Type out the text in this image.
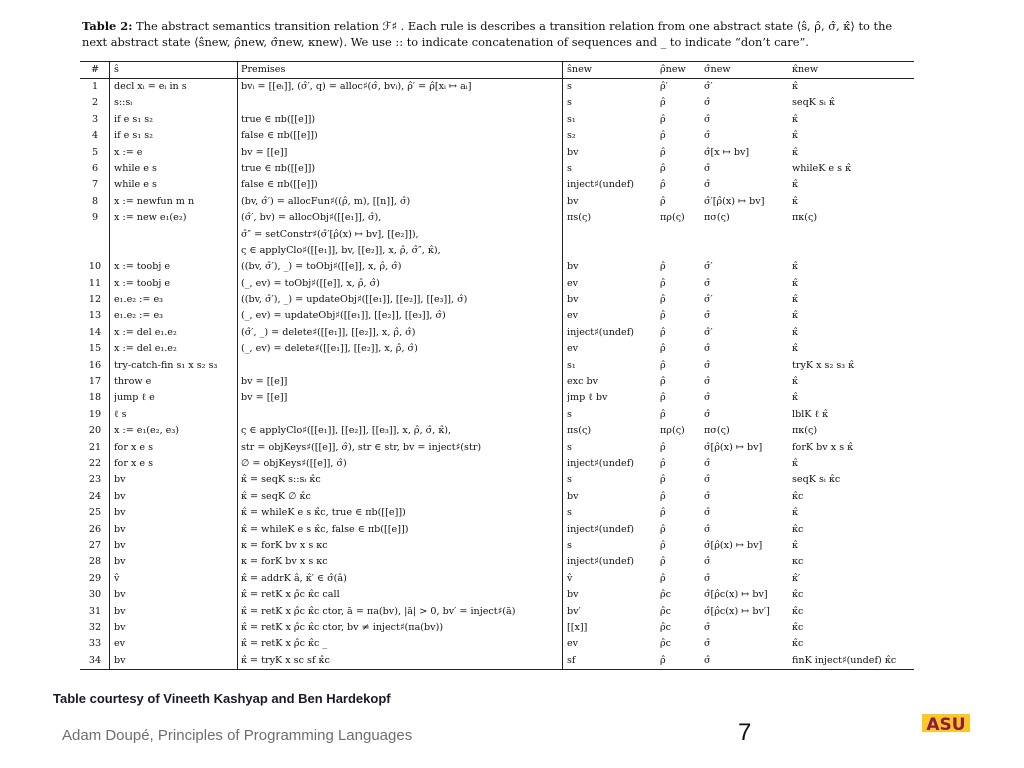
Table 2: The abstract semantics transition relation ℱ♯ . Each rule is describes a transition relation from one abstract state ⟨ŝ, ρ̂, σ̂, κ̂⟩ to the next abstract state ⟨ŝnew, ρ̂new, σ̂new, κnew⟩. We use :: to indicate concatenation of sequences and _ to indicate “don’t care”.
#	ŝ	Premises	ŝnew	ρ̂new	σ̂new	κ̂new
1	decl xᵢ = eᵢ in s	bvᵢ = [[eᵢ]], (σ̂′, q) = alloc♯(σ̂, bvᵢ), ρ̂′ = ρ̂[xᵢ ↦ aᵢ]	s	ρ̂′	σ̂′	κ̂
2	s::sᵢ	s	ρ̂	σ̂	seqK sᵢ κ̂
3	if e s₁ s₂	true ∈ πb([[e]])	s₁	ρ̂	σ̂	κ̂
4	if e s₁ s₂	false ∈ πb([[e]])	s₂	ρ̂	σ̂	κ̂
5	x := e	bv = [[e]]	bv	ρ̂	σ̂[x ↦ bv]	κ̂
6	while e s	true ∈ πb([[e]])	s	ρ̂	σ̂	whileK e s κ̂
7	while e s	false ∈ πb([[e]])	inject♯(undef)	ρ̂	σ̂	κ̂
8	x := newfun m n	(bv, σ̂′) = allocFun♯((ρ̂, m), [[n]], σ̂)	bv	ρ̂	σ̂′[ρ̂(x) ↦ bv]	κ̂
9	x := new e₁(e₂)	(σ̂′, bv) = allocObj♯([[e₁]], σ̂),	πs(ς)	πρ(ς)	πσ(ς)	πκ(ς)
σ̂″ = setConstr♯(σ̂′[ρ̂(x) ↦ bv], [[e₂]]),
ς ∈ applyClo♯([[e₁]], bv, [[e₂]], x, ρ̂, σ̂″, κ̂),
10	x := toobj e	((bv, σ̂′), _) = toObj♯([[e]], x, ρ̂, σ̂)	bv	ρ̂	σ̂′	κ̂
11	x := toobj e	(_, ev) = toObj♯([[e]], x, ρ̂, σ̂)	ev	ρ̂	σ̂	κ̂
12	e₁.e₂ := e₃	((bv, σ̂′), _) = updateObj♯([[e₁]], [[e₂]], [[e₃]], σ̂)	bv	ρ̂	σ̂′	κ̂
13	e₁.e₂ := e₃	(_, ev) = updateObj♯([[e₁]], [[e₂]], [[e₃]], σ̂)	ev	ρ̂	σ̂	κ̂
14	x := del e₁.e₂	(σ̂′, _) = delete♯([[e₁]], [[e₂]], x, ρ̂, σ̂)	inject♯(undef)	ρ̂	σ̂′	κ̂
15	x := del e₁.e₂	(_, ev) = delete♯([[e₁]], [[e₂]], x, ρ̂, σ̂)	ev	ρ̂	σ̂	κ̂
16	try-catch-fin s₁ x s₂ s₃	s₁	ρ̂	σ̂	tryK x s₂ s₃ κ̂
17	throw e	bv = [[e]]	exc bv	ρ̂	σ̂	κ̂
18	jump ℓ e	bv = [[e]]	jmp ℓ bv	ρ̂	σ̂	κ̂
19	ℓ s	s	ρ̂	σ̂	lblK ℓ κ̂
20	x := e₁(e₂, e₃)	ς ∈ applyClo♯([[e₁]], [[e₂]], [[e₃]], x, ρ̂, σ̂, κ̂),	πs(ς)	πρ(ς)	πσ(ς)	πκ(ς)
21	for x e s	str = objKeys♯([[e]], σ̂), str ∈ str, bv = inject♯(str)	s	ρ̂	σ̂[ρ̂(x) ↦ bv]	forK bv x s κ̂
22	for x e s	∅ = objKeys♯([[e]], σ̂)	inject♯(undef)	ρ̂	σ̂	κ̂
23	bv	κ̂ = seqK s::sᵢ κ̂c	s	ρ̂	σ̂	seqK sᵢ κ̂c
24	bv	κ̂ = seqK ∅ κ̂c	bv	ρ̂	σ̂	κ̂c
25	bv	κ̂ = whileK e s κ̂c, true ∈ πb([[e]])	s	ρ̂	σ̂	κ̂
26	bv	κ̂ = whileK e s κ̂c, false ∈ πb([[e]])	inject♯(undef)	ρ̂	σ̂	κ̂c
27	bv	κ = forK bv x s κc	s	ρ̂	σ̂[ρ̂(x) ↦ bv]	κ̂
28	bv	κ = forK bv x s κc	inject♯(undef)	ρ̂	σ̂	κc
29	v̂	κ̂ = addrK â, κ̂′ ∈ σ̂(â)	v̂	ρ̂	σ̂	κ̂′
30	bv	κ̂ = retK x ρ̂c κ̂c call	bv	ρ̂c	σ̂[ρ̂c(x) ↦ bv]	κ̂c
31	bv	κ̂ = retK x ρ̂c κ̂c ctor, ā = πa(bv), |ā| > 0, bv′ = inject♯(ā)	bv′	ρ̂c	σ̂[ρ̂c(x) ↦ bv′]	κ̂c
32	bv	κ̂ = retK x ρ̂c κ̂c ctor, bv ≠ inject♯(πa(bv))	[[x]]	ρ̂c	σ̂	κ̂c
33	ev	κ̂ = retK x ρ̂c κ̂c _	ev	ρ̂c	σ̂	κ̂c
34	bv	κ̂ = tryK x sc sf κ̂c	sf	ρ̂	σ̂	finK inject♯(undef) κ̂c
Table courtesy of Vineeth Kashyap and Ben Hardekopf
Adam Doupé, Principles of Programming Languages	7	ASU
